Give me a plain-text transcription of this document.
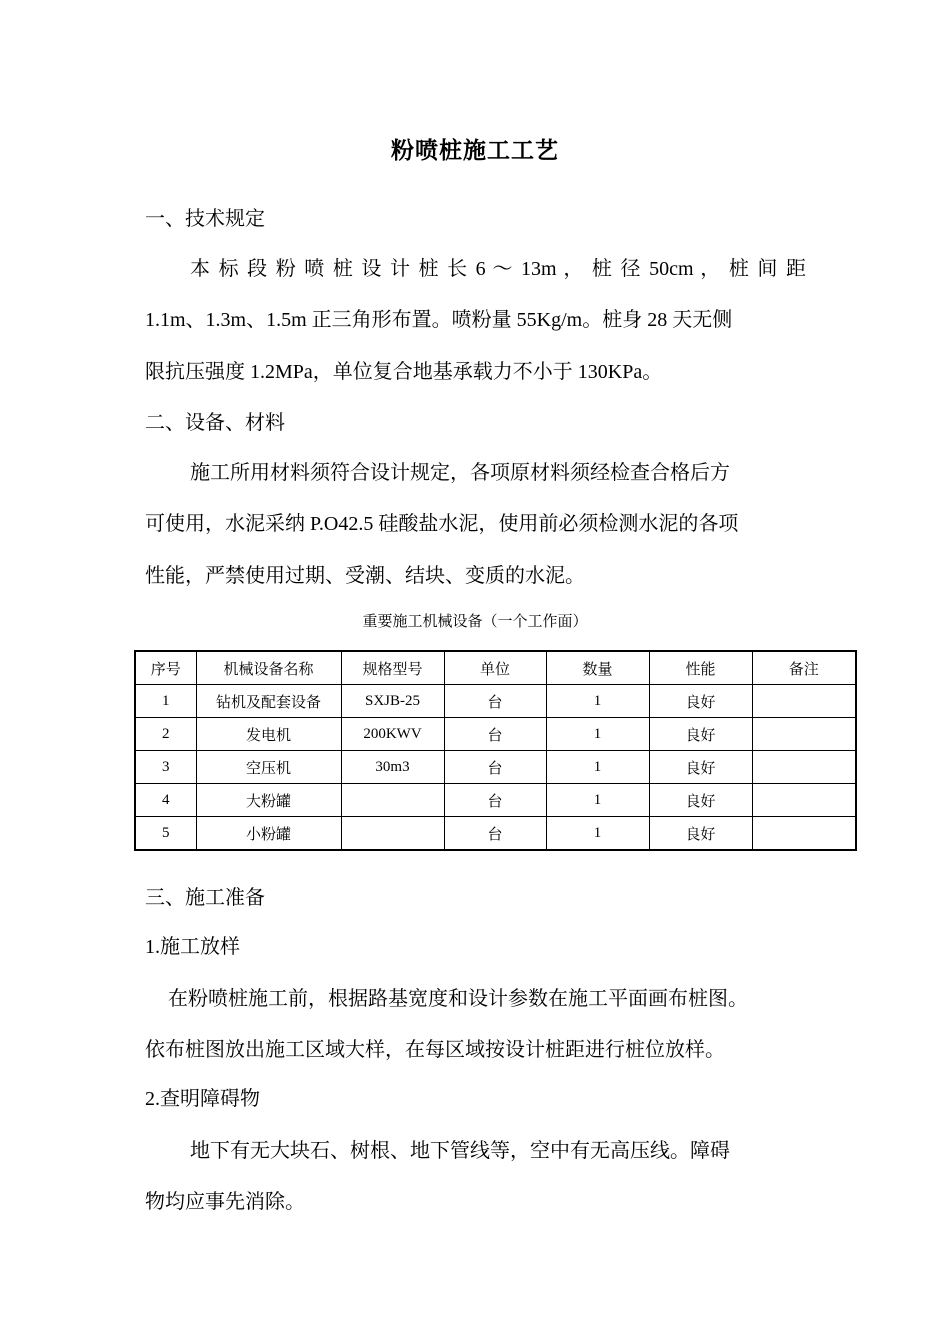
粉喷桩施工工艺
一、技术规定
本 标 段 粉 喷 桩 设 计 桩 长 6 ～ 13m ， 桩 径 50cm ， 桩 间 距
1.1m、1.3m、1.5m 正三角形布置。喷粉量 55Kg/m。桩身 28 天无侧
限抗压强度 1.2MPa，单位复合地基承载力不小于 130KPa。
二、设备、材料
施工所用材料须符合设计规定，各项原材料须经检查合格后方
可使用，水泥采纳 P.O42.5 硅酸盐水泥，使用前必须检测水泥的各项
性能，严禁使用过期、受潮、结块、变质的水泥。
重要施工机械设备（一个工作面）
序号	机械设备名称	规格型号	单位	数量	性能	备注
1	钻机及配套设备	SXJB-25	台	1	良好	
2	发电机	200KWV	台	1	良好	
3	空压机	30m3	台	1	良好	
4	大粉罐		台	1	良好	
5	小粉罐		台	1	良好	
三、施工准备
1.施工放样
在粉喷桩施工前，根据路基宽度和设计参数在施工平面画布桩图。
依布桩图放出施工区域大样，在每区域按设计桩距进行桩位放样。
2.查明障碍物
地下有无大块石、树根、地下管线等，空中有无高压线。障碍
物均应事先消除。
